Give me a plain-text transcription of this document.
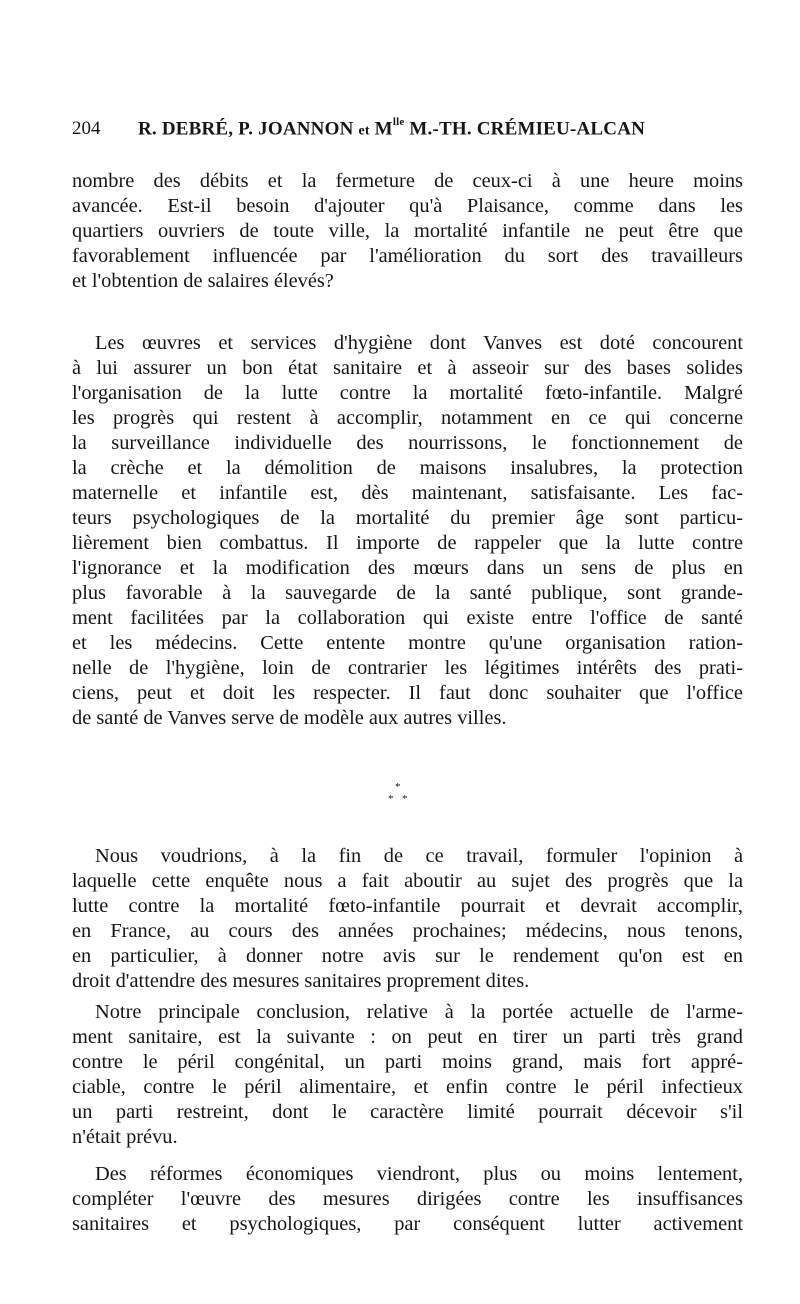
204 R. DEBRÉ, P. JOANNON et $M^{lle}$ M.-TH. CRÉMIEU-ALCAN
nombre des débits et la fermeture de ceux-ci à une heure moins
avancée. Est-il besoin d'ajouter qu'à Plaisance, comme dans les
quartiers ouvriers de toute ville, la mortalité infantile ne peut être que
favorablement influencée par l'amélioration du sort des travailleurs
et l'obtention de salaires élevés?
Les œuvres et services d'hygiène dont Vanves est doté concourent
à lui assurer un bon état sanitaire et à asseoir sur des bases solides
l'organisation de la lutte contre la mortalité fœto-infantile. Malgré
les progrès qui restent à accomplir, notamment en ce qui concerne
la surveillance individuelle des nourrissons, le fonctionnement de
la crèche et la démolition de maisons insalubres, la protection
maternelle et infantile est, dès maintenant, satisfaisante. Les fac-
teurs psychologiques de la mortalité du premier âge sont particu-
lièrement bien combattus. Il importe de rappeler que la lutte contre
l'ignorance et la modification des mœurs dans un sens de plus en
plus favorable à la sauvegarde de la santé publique, sont grande-
ment facilitées par la collaboration qui existe entre l'office de santé
et les médecins. Cette entente montre qu'une organisation ration-
nelle de l'hygiène, loin de contrarier les légitimes intérêts des prati-
ciens, peut et doit les respecter. Il faut donc souhaiter que l'office
de santé de Vanves serve de modèle aux autres villes.
*
* *
Nous voudrions, à la fin de ce travail, formuler l'opinion à
laquelle cette enquête nous a fait aboutir au sujet des progrès que la
lutte contre la mortalité fœto-infantile pourrait et devrait accomplir,
en France, au cours des années prochaines; médecins, nous tenons,
en particulier, à donner notre avis sur le rendement qu'on est en
droit d'attendre des mesures sanitaires proprement dites.
Notre principale conclusion, relative à la portée actuelle de l'arme-
ment sanitaire, est la suivante : on peut en tirer un parti très grand
contre le péril congénital, un parti moins grand, mais fort appré-
ciable, contre le péril alimentaire, et enfin contre le péril infectieux
un parti restreint, dont le caractère limité pourrait décevoir s'il
n'était prévu.
Des réformes économiques viendront, plus ou moins lentement,
compléter l'œuvre des mesures dirigées contre les insuffisances
sanitaires et psychologiques, par conséquent lutter activement
